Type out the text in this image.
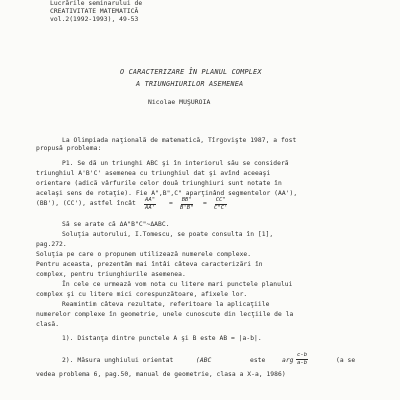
Lucrările seminarului de

CREATIVITATE MATEMATICĂ

vol.2(1992-1993), 49-53

O CARACTERIZARE ÎN PLANUL COMPLEX

A TRIUNGHIURILOR ASEMENEA

Nicolae MUŞUROIA

La Olimpiada naţională de matematică, Tîrgovişte 1987, a fost

propusă problema:

P1. Se dă un triunghi ABC şi în interiorul său se consideră

triunghiul A'B'C' asemenea cu triunghiul dat şi avînd aceeaşi

orientare (adică vârfurile celor două triunghiuri sunt notate în

acelaşi sens de rotaţie). Fie A",B",C" aparţinând segmentelor (AA'),

(BB'), (CC'), astfel încât $\frac{AA"}{AA'} = \frac{BB"}{B'B"} = \frac{CC"}{C"C'}$

Să se arate că ΔA"B"C"~ΔABC.

Soluţia autorului, I.Tomescu, se poate consulta în [1],

pag.272.

Soluţia pe care o propunem utilizează numerele complexe.

Pentru aceasta, prezentăm mai întâi câteva caracterizări în

complex, pentru triunghiurile asemenea.

În cele ce urmează vom nota cu litere mari punctele planului

complex şi cu litere mici corespunzătoare, afixele lor.

Reamintim câteva rezultate, referitoare la aplicaţiile

numerelor complexe în geometrie, unele cunoscute din lecţiile de la

clasă.

1). Distanţa dintre punctele A şi B este AB = |a-b|.

2). Măsura unghiului orientat	(ABC	este	arg $\frac{c-b}{a-b}$	(a se

vedea problema 6, pag.50, manual de geometrie, clasa a X-a, 1986)
